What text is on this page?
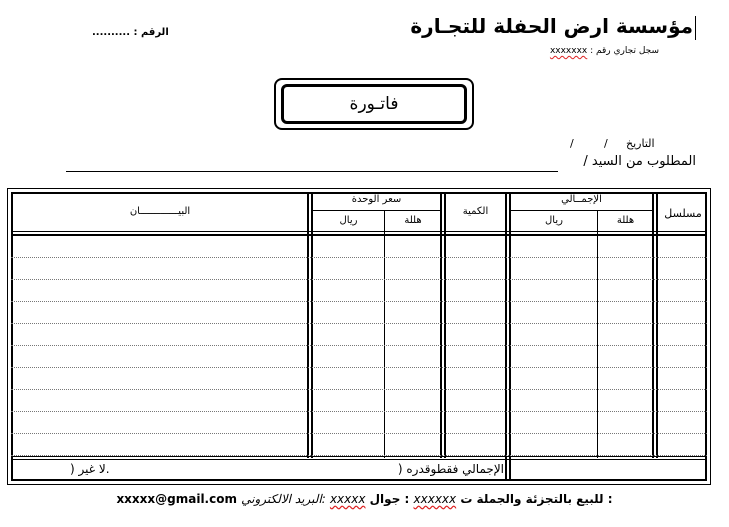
مؤسسة ارض الحفلة للتجـارة
سجل تجاري رقم : xxxxxxx
الرقم : ..........
فاتـورة
/	/ التاريخ
المطلوب من السيد /
مسلسل
الإجمــالي
هللة
ريال
الكمية
سعر الوحدة
هللة
ريال
البيـــــــــــــان
الإجمالي فقطوقدره (
) لا غير.
xxxxx@gmail.com البريد الالكتروني: xxxxx جوال : xxxxxx للبيع بالتجزئة والجملة ت :
